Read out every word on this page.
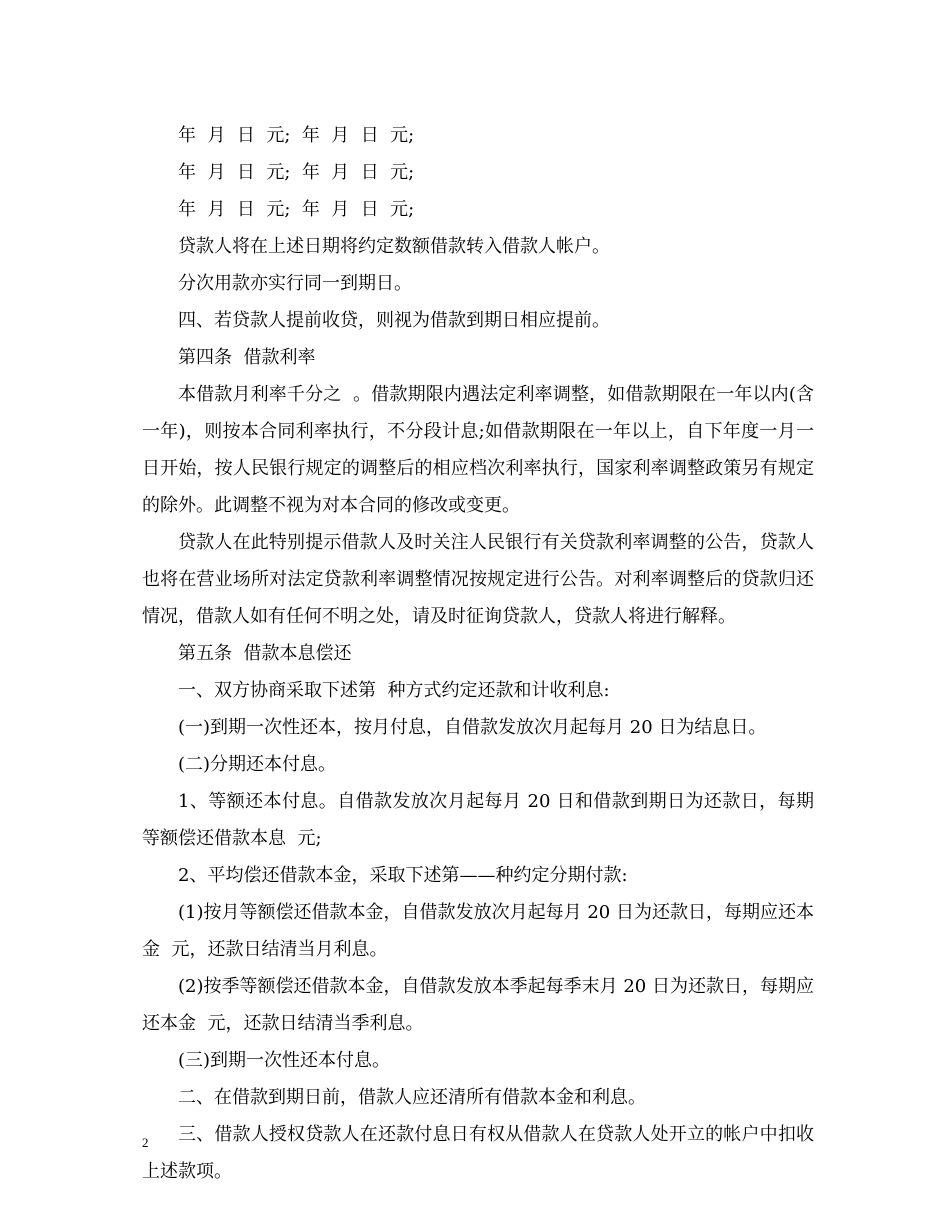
年  月  日  元;  年  月  日  元;

年  月  日  元;  年  月  日  元;

年  月  日  元;  年  月  日  元;

贷款人将在上述日期将约定数额借款转入借款人帐户。

分次用款亦实行同一到期日。

四、若贷款人提前收贷，则视为借款到期日相应提前。

第四条  借款利率

本借款月利率千分之  。借款期限内遇法定利率调整，如借款期限在一年以内(含一年)，则按本合同利率执行，不分段计息;如借款期限在一年以上，自下年度一月一日开始，按人民银行规定的调整后的相应档次利率执行，国家利率调整政策另有规定的除外。此调整不视为对本合同的修改或变更。

贷款人在此特别提示借款人及时关注人民银行有关贷款利率调整的公告，贷款人也将在营业场所对法定贷款利率调整情况按规定进行公告。对利率调整后的贷款归还情况，借款人如有任何不明之处，请及时征询贷款人，贷款人将进行解释。

第五条  借款本息偿还

一、双方协商采取下述第  种方式约定还款和计收利息:

(一)到期一次性还本，按月付息，自借款发放次月起每月 20 日为结息日。

(二)分期还本付息。

1、等额还本付息。自借款发放次月起每月 20 日和借款到期日为还款日，每期等额偿还借款本息  元;

2、平均偿还借款本金，采取下述第——种约定分期付款:

(1)按月等额偿还借款本金，自借款发放次月起每月 20 日为还款日，每期应还本金  元，还款日结清当月利息。

(2)按季等额偿还借款本金，自借款发放本季起每季末月 20 日为还款日，每期应还本金  元，还款日结清当季利息。

(三)到期一次性还本付息。

二、在借款到期日前，借款人应还清所有借款本金和利息。

三、借款人授权贷款人在还款付息日有权从借款人在贷款人处开立的帐户中扣收上述款项。

2
